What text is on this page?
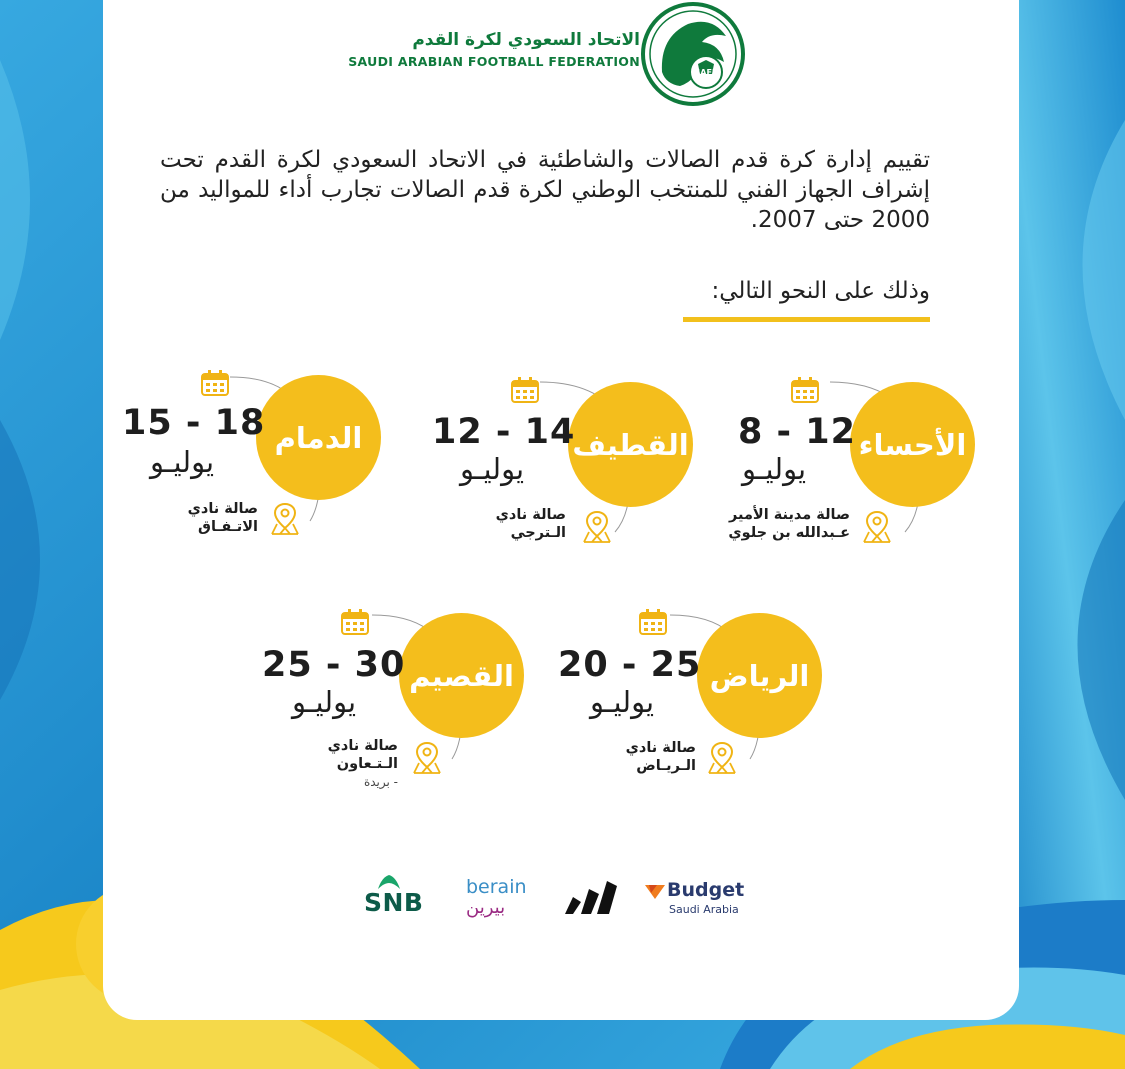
الاتحاد السعودي لكرة القدم
SAUDI ARABIAN FOOTBALL FEDERATION
SAFF
تقييم إدارة كرة قدم الصالات والشاطئية في الاتحاد السعودي لكرة القدم تحت إشراف الجهاز الفني للمنتخب الوطني لكرة قدم الصالات تجارب أداء للمواليد من 2000 حتى 2007.
وذلك على النحو التالي:
الأحساء
8 - 12
يوليـو
صالة مدينة الأمير
عـبدالله بن جلوي
القطيف
12 - 14
يوليـو
صالة نادي
الـترجي
الدمام
15 - 18
يوليـو
صالة نادي
الاتـفـاق
الرياض
20 - 25
يوليـو
صالة نادي
الـريـاض
القصيم
25 - 30
يوليـو
صالة نادي
الـتـعاون
- بريدة
SNB
berain
بيرين
Budget
Saudi Arabia
